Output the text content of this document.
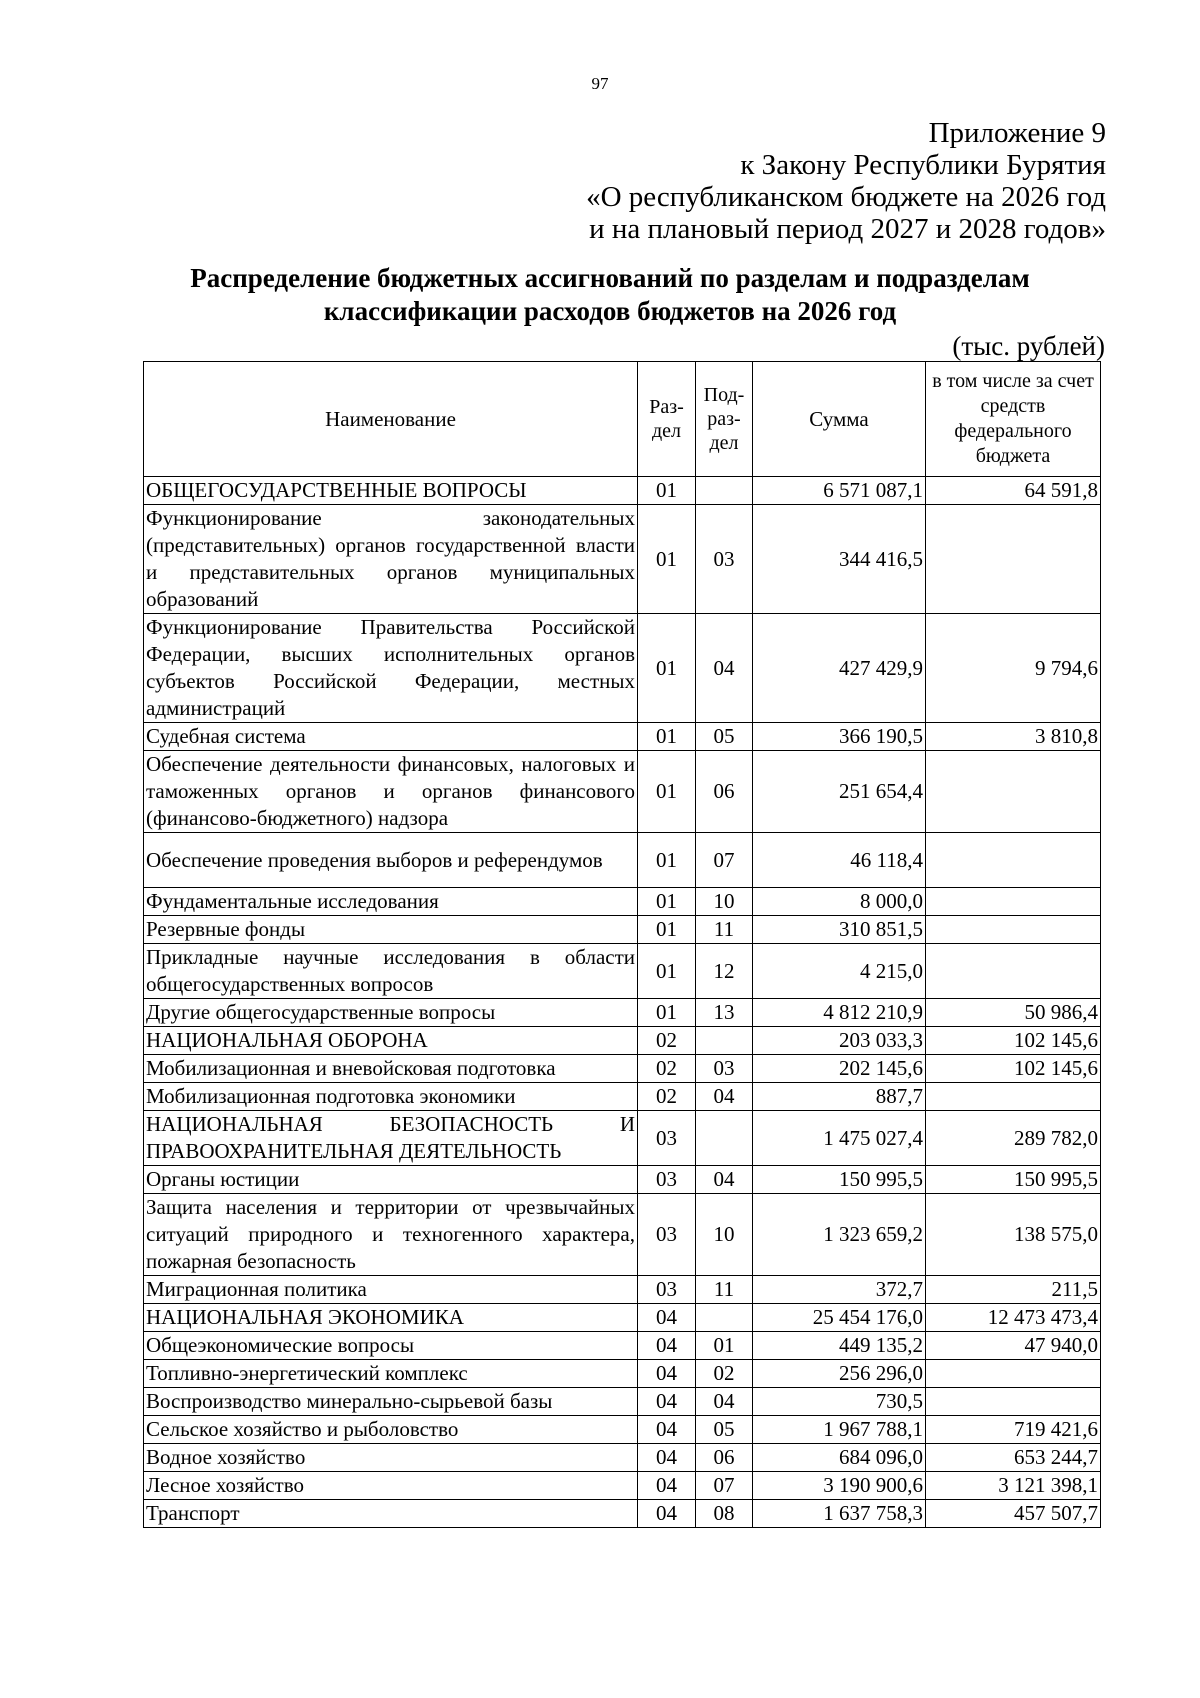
97
Приложение 9
к Закону Республики Бурятия
«О республиканском бюджете на 2026 год
и на плановый период 2027 и 2028 годов»
Распределение бюджетных ассигнований по разделам и подразделам
классификации расходов бюджетов на 2026 год
(тыс. рублей)
Наименование	Раз-дел	Под-раз-дел	Сумма	в том числе за счет средств федерального бюджета
ОБЩЕГОСУДАРСТВЕННЫЕ ВОПРОСЫ	01		6 571 087,1	64 591,8
Функционирование законодательных (представительных) органов государственной власти и представительных органов муниципальных образований	01	03	344 416,5	
Функционирование Правительства Российской Федерации, высших исполнительных органов субъектов Российской Федерации, местных администраций	01	04	427 429,9	9 794,6
Судебная система	01	05	366 190,5	3 810,8
Обеспечение деятельности финансовых, налоговых и таможенных органов и органов финансового (финансово-бюджетного) надзора	01	06	251 654,4	
Обеспечение проведения выборов и референдумов	01	07	46 118,4	
Фундаментальные исследования	01	10	8 000,0	
Резервные фонды	01	11	310 851,5	
Прикладные научные исследования в области общегосударственных вопросов	01	12	4 215,0	
Другие общегосударственные вопросы	01	13	4 812 210,9	50 986,4
НАЦИОНАЛЬНАЯ ОБОРОНА	02		203 033,3	102 145,6
Мобилизационная и вневойсковая подготовка	02	03	202 145,6	102 145,6
Мобилизационная подготовка экономики	02	04	887,7	
НАЦИОНАЛЬНАЯ БЕЗОПАСНОСТЬ И ПРАВООХРАНИТЕЛЬНАЯ ДЕЯТЕЛЬНОСТЬ	03		1 475 027,4	289 782,0
Органы юстиции	03	04	150 995,5	150 995,5
Защита населения и территории от чрезвычайных ситуаций природного и техногенного характера, пожарная безопасность	03	10	1 323 659,2	138 575,0
Миграционная политика	03	11	372,7	211,5
НАЦИОНАЛЬНАЯ ЭКОНОМИКА	04		25 454 176,0	12 473 473,4
Общеэкономические вопросы	04	01	449 135,2	47 940,0
Топливно-энергетический комплекс	04	02	256 296,0	
Воспроизводство минерально-сырьевой базы	04	04	730,5	
Сельское хозяйство и рыболовство	04	05	1 967 788,1	719 421,6
Водное хозяйство	04	06	684 096,0	653 244,7
Лесное хозяйство	04	07	3 190 900,6	3 121 398,1
Транспорт	04	08	1 637 758,3	457 507,7
